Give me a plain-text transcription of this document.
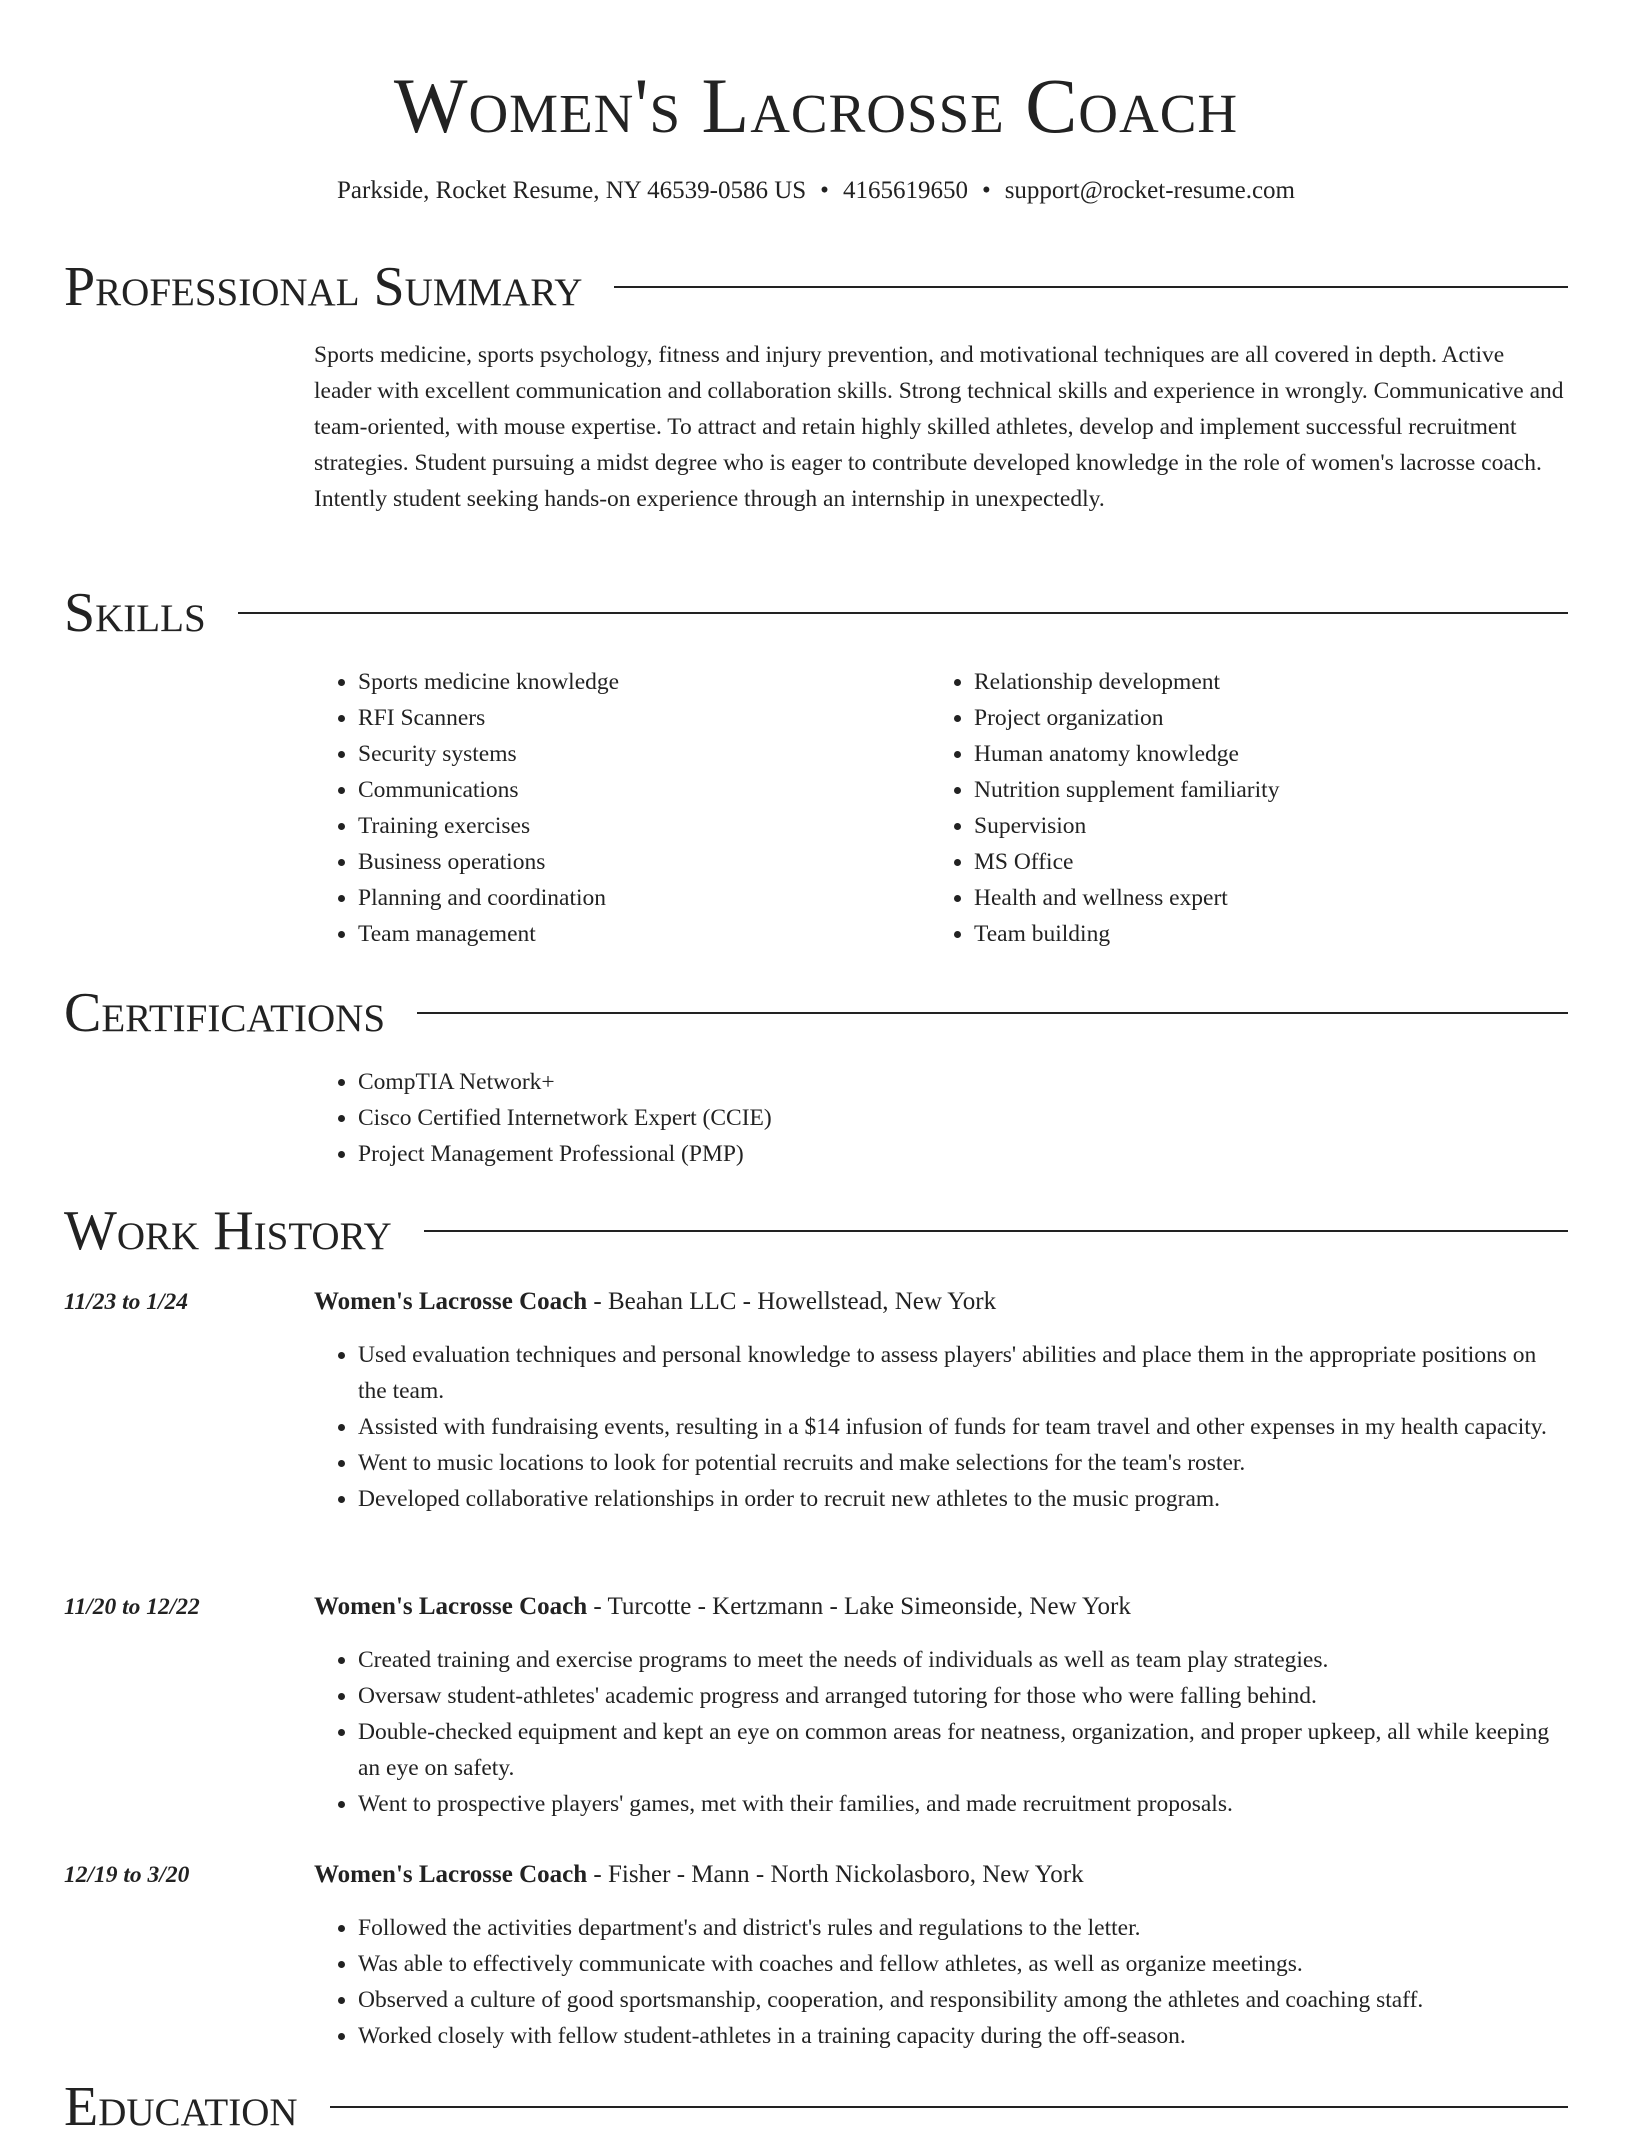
Women's Lacrosse Coach
Parkside, Rocket Resume, NY 46539-0586 US • 4165619650 • support@rocket-resume.com
Professional Summary

Sports medicine, sports psychology, fitness and injury prevention, and motivational techniques are all covered in depth. Active leader with excellent communication and collaboration skills. Strong technical skills and experience in wrongly. Communicative and team-oriented, with mouse expertise. To attract and retain highly skilled athletes, develop and implement successful recruitment strategies. Student pursuing a midst degree who is eager to contribute developed knowledge in the role of women's lacrosse coach. Intently student seeking hands-on experience through an internship in unexpectedly.

Skills
• Sports medicine knowledge
• RFI Scanners
• Security systems
• Communications
• Training exercises
• Business operations
• Planning and coordination
• Team management
• Relationship development
• Project organization
• Human anatomy knowledge
• Nutrition supplement familiarity
• Supervision
• MS Office
• Health and wellness expert
• Team building
Certifications
• CompTIA Network+
• Cisco Certified Internetwork Expert (CCIE)
• Project Management Professional (PMP)
Work History
11/23 to 1/24	Women's Lacrosse Coach - Beahan LLC - Howellstead, New York
• Used evaluation techniques and personal knowledge to assess players' abilities and place them in the appropriate positions on the team.
• Assisted with fundraising events, resulting in a $14 infusion of funds for team travel and other expenses in my health capacity.
• Went to music locations to look for potential recruits and make selections for the team's roster.
• Developed collaborative relationships in order to recruit new athletes to the music program.
11/20 to 12/22	Women's Lacrosse Coach - Turcotte - Kertzmann - Lake Simeonside, New York
• Created training and exercise programs to meet the needs of individuals as well as team play strategies.
• Oversaw student-athletes' academic progress and arranged tutoring for those who were falling behind.
• Double-checked equipment and kept an eye on common areas for neatness, organization, and proper upkeep, all while keeping an eye on safety.
• Went to prospective players' games, met with their families, and made recruitment proposals.
12/19 to 3/20	Women's Lacrosse Coach - Fisher - Mann - North Nickolasboro, New York
• Followed the activities department's and district's rules and regulations to the letter.
• Was able to effectively communicate with coaches and fellow athletes, as well as organize meetings.
• Observed a culture of good sportsmanship, cooperation, and responsibility among the athletes and coaching staff.
• Worked closely with fellow student-athletes in a training capacity during the off-season.
Education
